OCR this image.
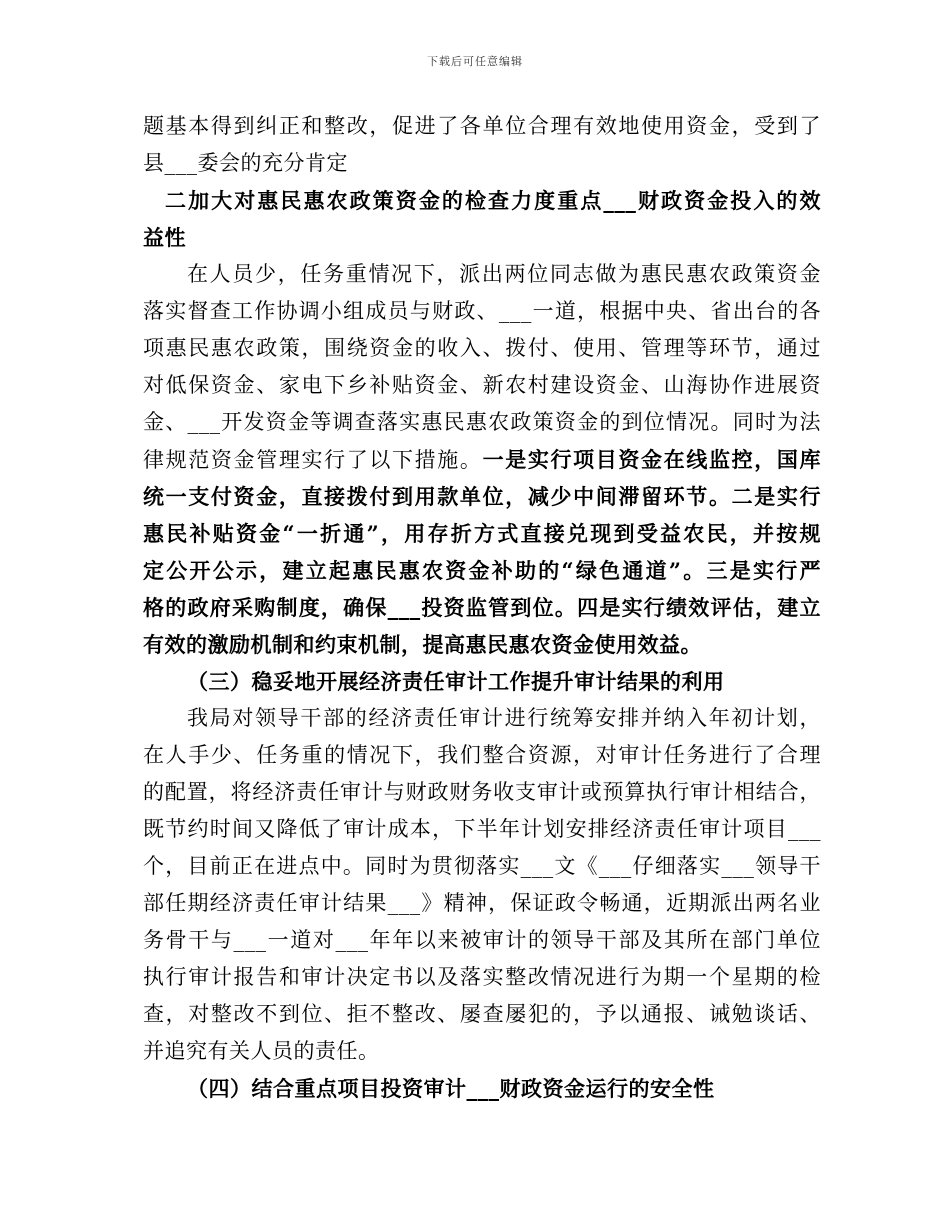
下载后可任意编辑
题基本得到纠正和整改，促进了各单位合理有效地使用资金，受到了
县___委会的充分肯定
二加大对惠民惠农政策资金的检查力度重点___财政资金投入的效
益性
在人员少，任务重情况下，派出两位同志做为惠民惠农政策资金
落实督查工作协调小组成员与财政、___一道，根据中央、省出台的各
项惠民惠农政策，围绕资金的收入、拨付、使用、管理等环节，通过
对低保资金、家电下乡补贴资金、新农村建设资金、山海协作进展资
金、___开发资金等调查落实惠民惠农政策资金的到位情况。同时为法
律规范资金管理实行了以下措施。一是实行项目资金在线监控，国库
统一支付资金，直接拨付到用款单位，减少中间滞留环节。二是实行
惠民补贴资金“一折通”，用存折方式直接兑现到受益农民，并按规
定公开公示，建立起惠民惠农资金补助的“绿色通道”。三是实行严
格的政府采购制度，确保___投资监管到位。四是实行绩效评估，建立
有效的激励机制和约束机制，提高惠民惠农资金使用效益。
（三）稳妥地开展经济责任审计工作提升审计结果的利用
我局对领导干部的经济责任审计进行统筹安排并纳入年初计划，
在人手少、任务重的情况下，我们整合资源，对审计任务进行了合理
的配置，将经济责任审计与财政财务收支审计或预算执行审计相结合，
既节约时间又降低了审计成本，下半年计划安排经济责任审计项目___
个，目前正在进点中。同时为贯彻落实___文《___仔细落实___领导干
部任期经济责任审计结果___》精神，保证政令畅通，近期派出两名业
务骨干与___一道对___年年以来被审计的领导干部及其所在部门单位
执行审计报告和审计决定书以及落实整改情况进行为期一个星期的检
查，对整改不到位、拒不整改、屡查屡犯的，予以通报、诫勉谈话、
并追究有关人员的责任。
（四）结合重点项目投资审计___财政资金运行的安全性
